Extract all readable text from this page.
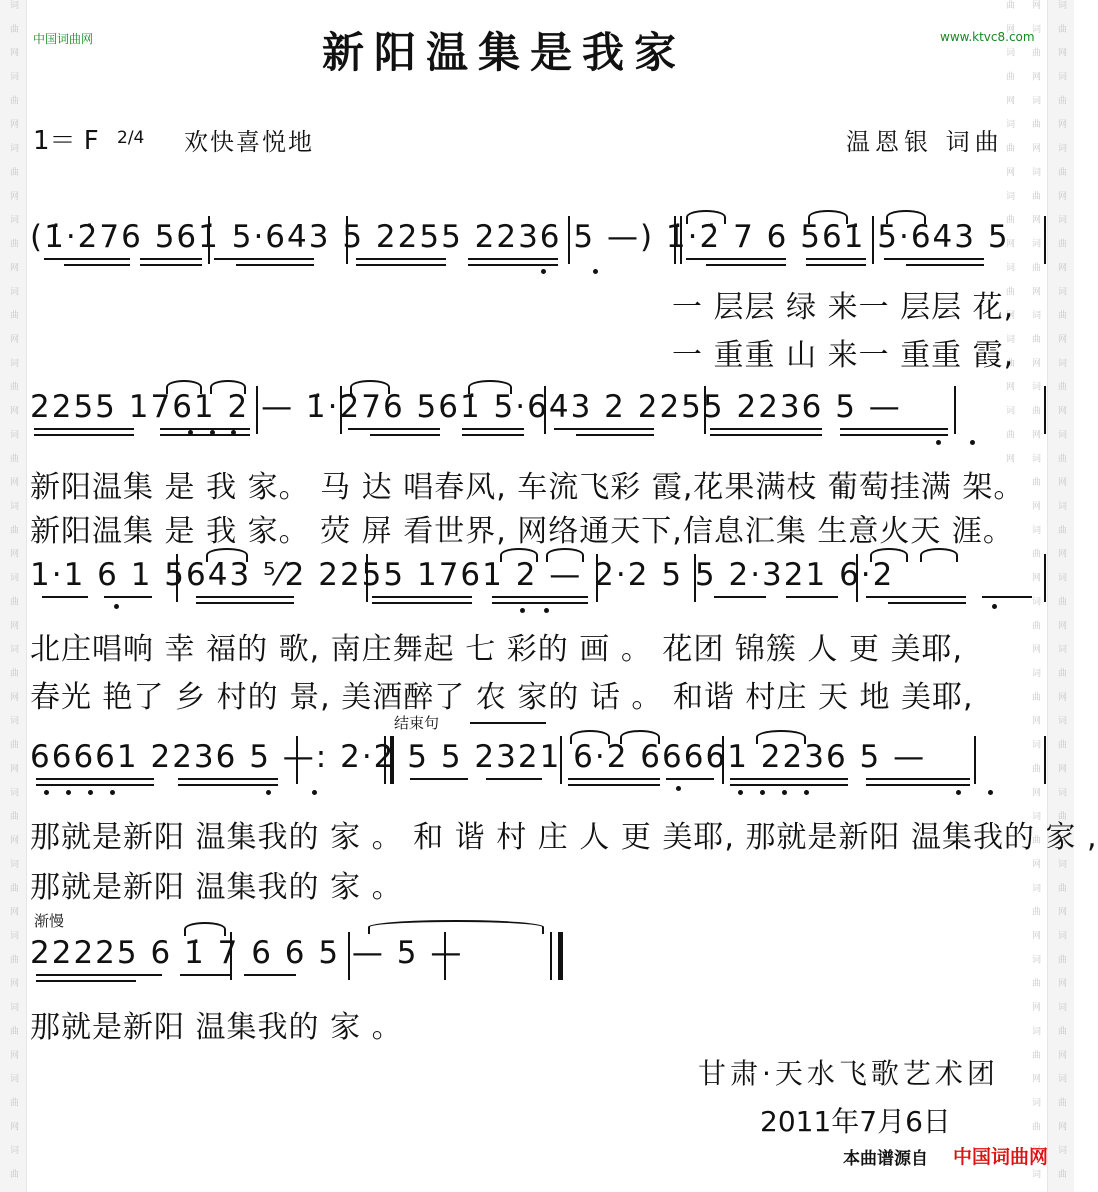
词 曲 网 词 曲 网 词 曲 网 词 曲 网 词 曲 网 词 曲 网 词 曲 网 词 曲 网 词 曲 网 词 曲 网 词 曲 网 词 曲 网 词 曲 网 词 曲 网 词 曲 网 词 曲 网 词 曲	词 曲 网 词 曲 网 词 曲 网 词 曲 网 词 曲 网 词 曲 网 词 曲 网 词 曲 网 词 曲 网 词 曲 网 词 曲 网 词 曲 网 词 曲 网 词 曲 网 词 曲 网 词 曲 网 词 曲 网 词 曲 网 词 曲 网 词 曲 网 词 曲 网 词 曲 网 词 曲 网 词 曲 网 词 曲 网 词 曲 网 词 曲 网 词 曲 网 词 曲 网 词 曲 网 词 曲 网 词 曲 网 词 曲 网 词 曲 网 词 曲 网 词 曲 网 词 曲 网 词 曲 网 词 曲 网 词 曲 网
中国词曲网	www.ktvc8.com
新阳温集是我家
1＝ F 2/4 欢快喜悦地	温恩银 词曲
(1̇·2̇76 561̇ 5·643 5 2255 2236 5 —) 1̇·2̇ 7 6 561̇ 5·643 5
一 层层 绿 来一 层层 花,
一 重重 山 来一 重重 霞,
2255 1761 2 — 1̇·2̇76 561̇ 5·643 2 2255 2236 5 —
新阳温集 是 我 家。 马 达 唱春风, 车流飞彩 霞,花果满枝 葡萄挂满 架。
新阳温集 是 我 家。 荧 屏 看世界, 网络通天下,信息汇集 生意火天 涯。
1·1 6 1 5643 ⁵⁄2 2255 1761 2 — 2·2 5 5 2·321 6·2
北庄唱响 幸 福的 歌, 南庄舞起 七 彩的 画 。 花团 锦簇 人 更 美耶,
春光 艳了 乡 村的 景, 美酒醉了 农 家的 话 。 和谐 村庄 天 地 美耶,
结束句
66661 2236 5 —: 2·2 5 5 2321 6·2 66661 2236 5 —
那就是新阳 温集我的 家 。 和 谐 村 庄 人 更 美耶, 那就是新阳 温集我的 家 ,
那就是新阳 温集我的 家 。
渐慢
22225 6 1̇ 7 6 6 5 — 5 —
那就是新阳 温集我的 家 。
甘肃·天水飞歌艺术团
2011年7月6日
本曲谱源自 中国词曲网
